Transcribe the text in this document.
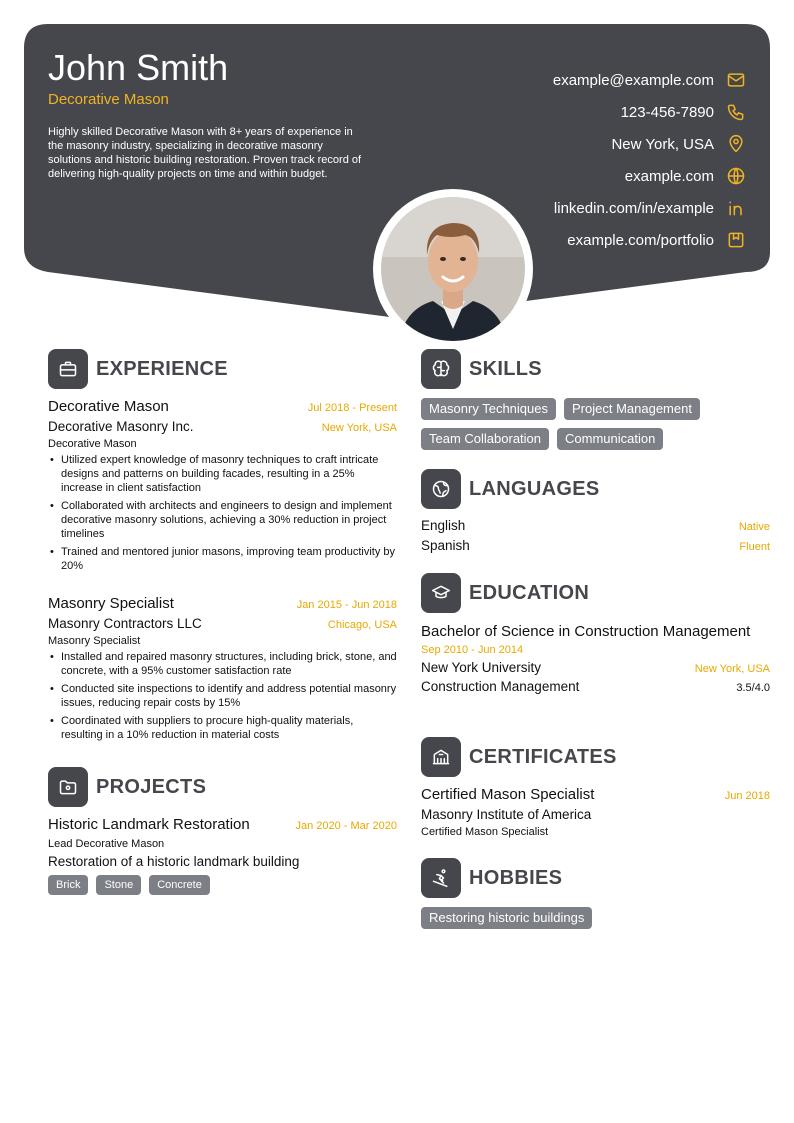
John Smith
Decorative Mason
Highly skilled Decorative Mason with 8+ years of experience in the masonry industry, specializing in decorative masonry solutions and historic building restoration. Proven track record of delivering high-quality projects on time and within budget.
example@example.com
123-456-7890
New York, USA
example.com
linkedin.com/in/example
example.com/portfolio
EXPERIENCE
Decorative Mason	Jul 2018 - Present
Decorative Masonry Inc.	New York, USA
Decorative Mason
• Utilized expert knowledge of masonry techniques to craft intricate designs and patterns on building facades, resulting in a 25% increase in client satisfaction
• Collaborated with architects and engineers to design and implement decorative masonry solutions, achieving a 30% reduction in project timelines
• Trained and mentored junior masons, improving team productivity by 20%
Masonry Specialist	Jan 2015 - Jun 2018
Masonry Contractors LLC	Chicago, USA
Masonry Specialist
• Installed and repaired masonry structures, including brick, stone, and concrete, with a 95% customer satisfaction rate
• Conducted site inspections to identify and address potential masonry issues, reducing repair costs by 15%
• Coordinated with suppliers to procure high-quality materials, resulting in a 10% reduction in material costs
PROJECTS
Historic Landmark Restoration	Jan 2020 - Mar 2020
Lead Decorative Mason
Restoration of a historic landmark building
Brick	Stone	Concrete
SKILLS
Masonry Techniques	Project Management
Team Collaboration	Communication
LANGUAGES
English	Native
Spanish	Fluent
EDUCATION
Bachelor of Science in Construction Management
Sep 2010 - Jun 2014
New York University	New York, USA
Construction Management	3.5/4.0
CERTIFICATES
Certified Mason Specialist	Jun 2018
Masonry Institute of America
Certified Mason Specialist
HOBBIES
Restoring historic buildings
